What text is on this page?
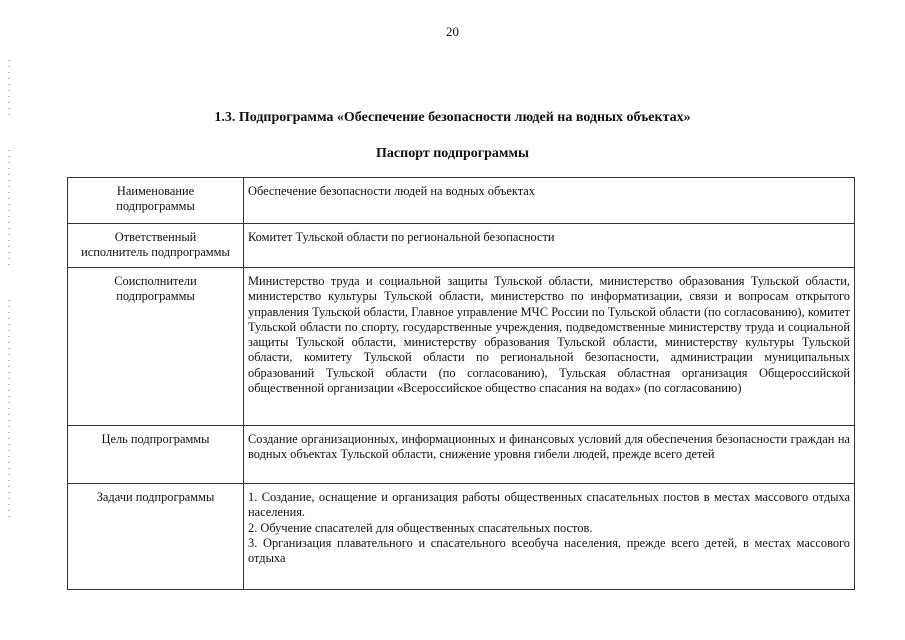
20
1.3. Подпрограмма «Обеспечение безопасности людей на водных объектах»
Паспорт подпрограммы
Наименование
подпрограммы	Обеспечение безопасности людей на водных объектах

Ответственный
исполнитель подпрограммы	Комитет Тульской области по региональной безопасности

Соисполнители
подпрограммы	Министерство труда и социальной защиты Тульской области, министерство образования Тульской области, министерство культуры Тульской области, министерство по информатизации, связи и вопросам открытого управления Тульской области, Главное управление МЧС России по Тульской области (по согласованию), комитет Тульской области по спорту, государственные учреждения, подведомственные министерству труда и социальной защиты Тульской области, министерству образования Тульской области, министерству культуры Тульской области, комитету Тульской области по региональной безопасности, администрации муниципальных образований Тульской области (по согласованию), Тульская областная организация Общероссийской общественной организации «Всероссийское общество спасания на водах» (по согласованию)

Цель подпрограммы	Создание организационных, информационных и финансовых условий для обеспечения безопасности граждан на водных объектах Тульской области, снижение уровня гибели людей, прежде всего детей

Задачи подпрограммы	1. Создание, оснащение и организация работы общественных спасательных постов в местах массового отдыха населения.
2. Обучение спасателей для общественных спасательных постов.
3. Организация плавательного и спасательного всеобуча населения, прежде всего детей, в местах массового отдыха
